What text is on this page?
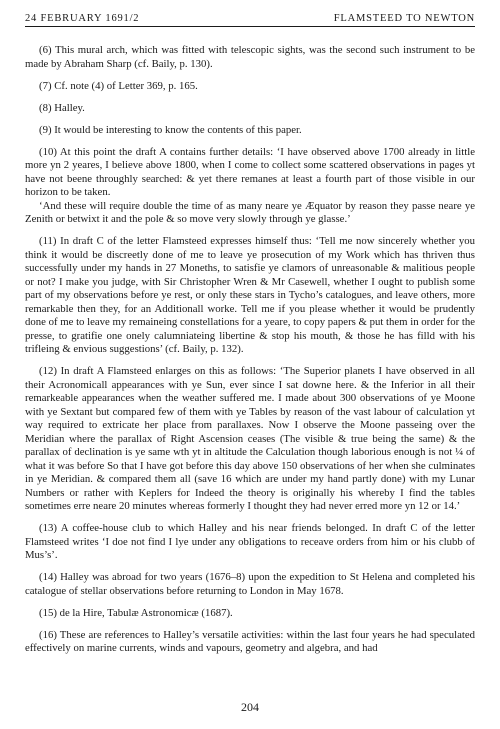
24 FEBRUARY 1691/2	FLAMSTEED TO NEWTON

(6) This mural arch, which was fitted with telescopic sights, was the second such instrument to be made by Abraham Sharp (cf. Baily, p. 130).

(7) Cf. note (4) of Letter 369, p. 165.

(8) Halley.

(9) It would be interesting to know the contents of this paper.

(10) At this point the draft A contains further details: ‘I have observed above 1700 already in little more yn 2 yeares, I believe above 1800, when I come to collect some scattered observations in pages yt have not beene throughly searched: & yet there remanes at least a fourth part of those visible in our horizon to be taken.

‘And these will require double the time of as many neare ye Æquator by reason they passe neare ye Zenith or betwixt it and the pole & so move very slowly through ye glasse.’

(11) In draft C of the letter Flamsteed expresses himself thus: ‘Tell me now sincerely whether you think it would be discreetly done of me to leave ye prosecution of my Work which has thriven thus successfully under my hands in 27 Moneths, to satisfie ye clamors of unreasonable & malitious people or not? I make you judge, with Sir Christopher Wren & Mr Casewell, whether I ought to publish some part of my observations before ye rest, or only these stars in Tycho’s catalogues, and leave others, more remarkable then they, for an Additionall worke. Tell me if you please whether it would be prudently done of me to leave my remaineing constellations for a yeare, to copy papers & put them in order for the presse, to gratifie one onely calumniateing libertine & stop his mouth, & those he has filld with his trifleing & envious suggestions’ (cf. Baily, p. 132).

(12) In draft A Flamsteed enlarges on this as follows: ‘The Superior planets I have observed in all their Acronomicall appearances with ye Sun, ever since I sat downe here. & the Inferior in all their remarkeable appearances when the weather suffered me. I made about 300 observations of ye Moone with ye Sextant but compared few of them with ye Tables by reason of the vast labour of calculation yt way required to extricate her place from parallaxes. Now I observe the Moone passeing over the Meridian where the parallax of Right Ascension ceases (The visible & true being the same) & the parallax of declination is ye same wth yt in altitude the Calculation though laborious enough is not ¼ of what it was before So that I have got before this day above 150 observations of her when she culminates in ye Meridian. & compared them all (save 16 which are under my hand partly done) with my Lunar Numbers or rather with Keplers for Indeed the theory is originally his whereby I find the tables sometimes erre neare 20 minutes whereas formerly I thought they had never erred more yn 12 or 14.’

(13) A coffee-house club to which Halley and his near friends belonged. In draft C of the letter Flamsteed writes ‘I doe not find I lye under any obligations to receave orders from him or his clubb of Mus’s’.

(14) Halley was abroad for two years (1676–8) upon the expedition to St Helena and completed his catalogue of stellar observations before returning to London in May 1678.

(15) de la Hire, Tabulæ Astronomicæ (1687).

(16) These are references to Halley’s versatile activities: within the last four years he had speculated effectively on marine currents, winds and vapours, geometry and algebra, and had

204
